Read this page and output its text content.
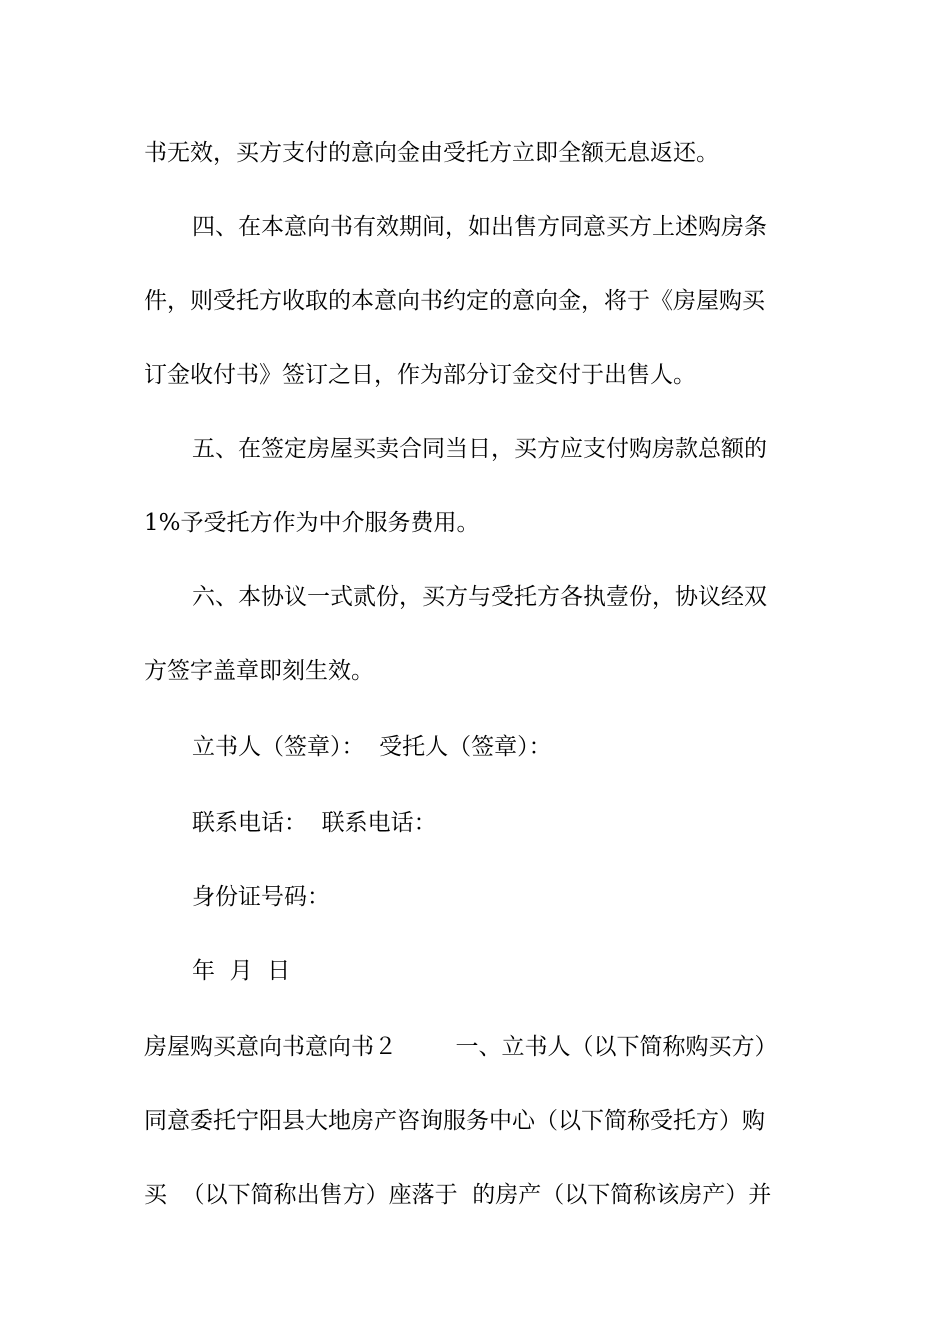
书无效，买方支付的意向金由受托方立即全额无息返还。

四、在本意向书有效期间，如出售方同意买方上述购房条

件，则受托方收取的本意向书约定的意向金，将于《房屋购买

订金收付书》签订之日，作为部分订金交付于出售人。

五、在签定房屋买卖合同当日，买方应支付购房款总额的

1%予受托方作为中介服务费用。

六、本协议一式贰份，买方与受托方各执壹份，协议经双

方签字盖章即刻生效。

立书人（签章）：  受托人（签章）：

联系电话：  联系电话：

身份证号码：

年  月  日

房屋购买意向书意向书２        一、立书人（以下简称购买方）

同意委托宁阳县大地房产咨询服务中心（以下简称受托方）购

买  （以下简称出售方）座落于  的房产（以下简称该房产）并
